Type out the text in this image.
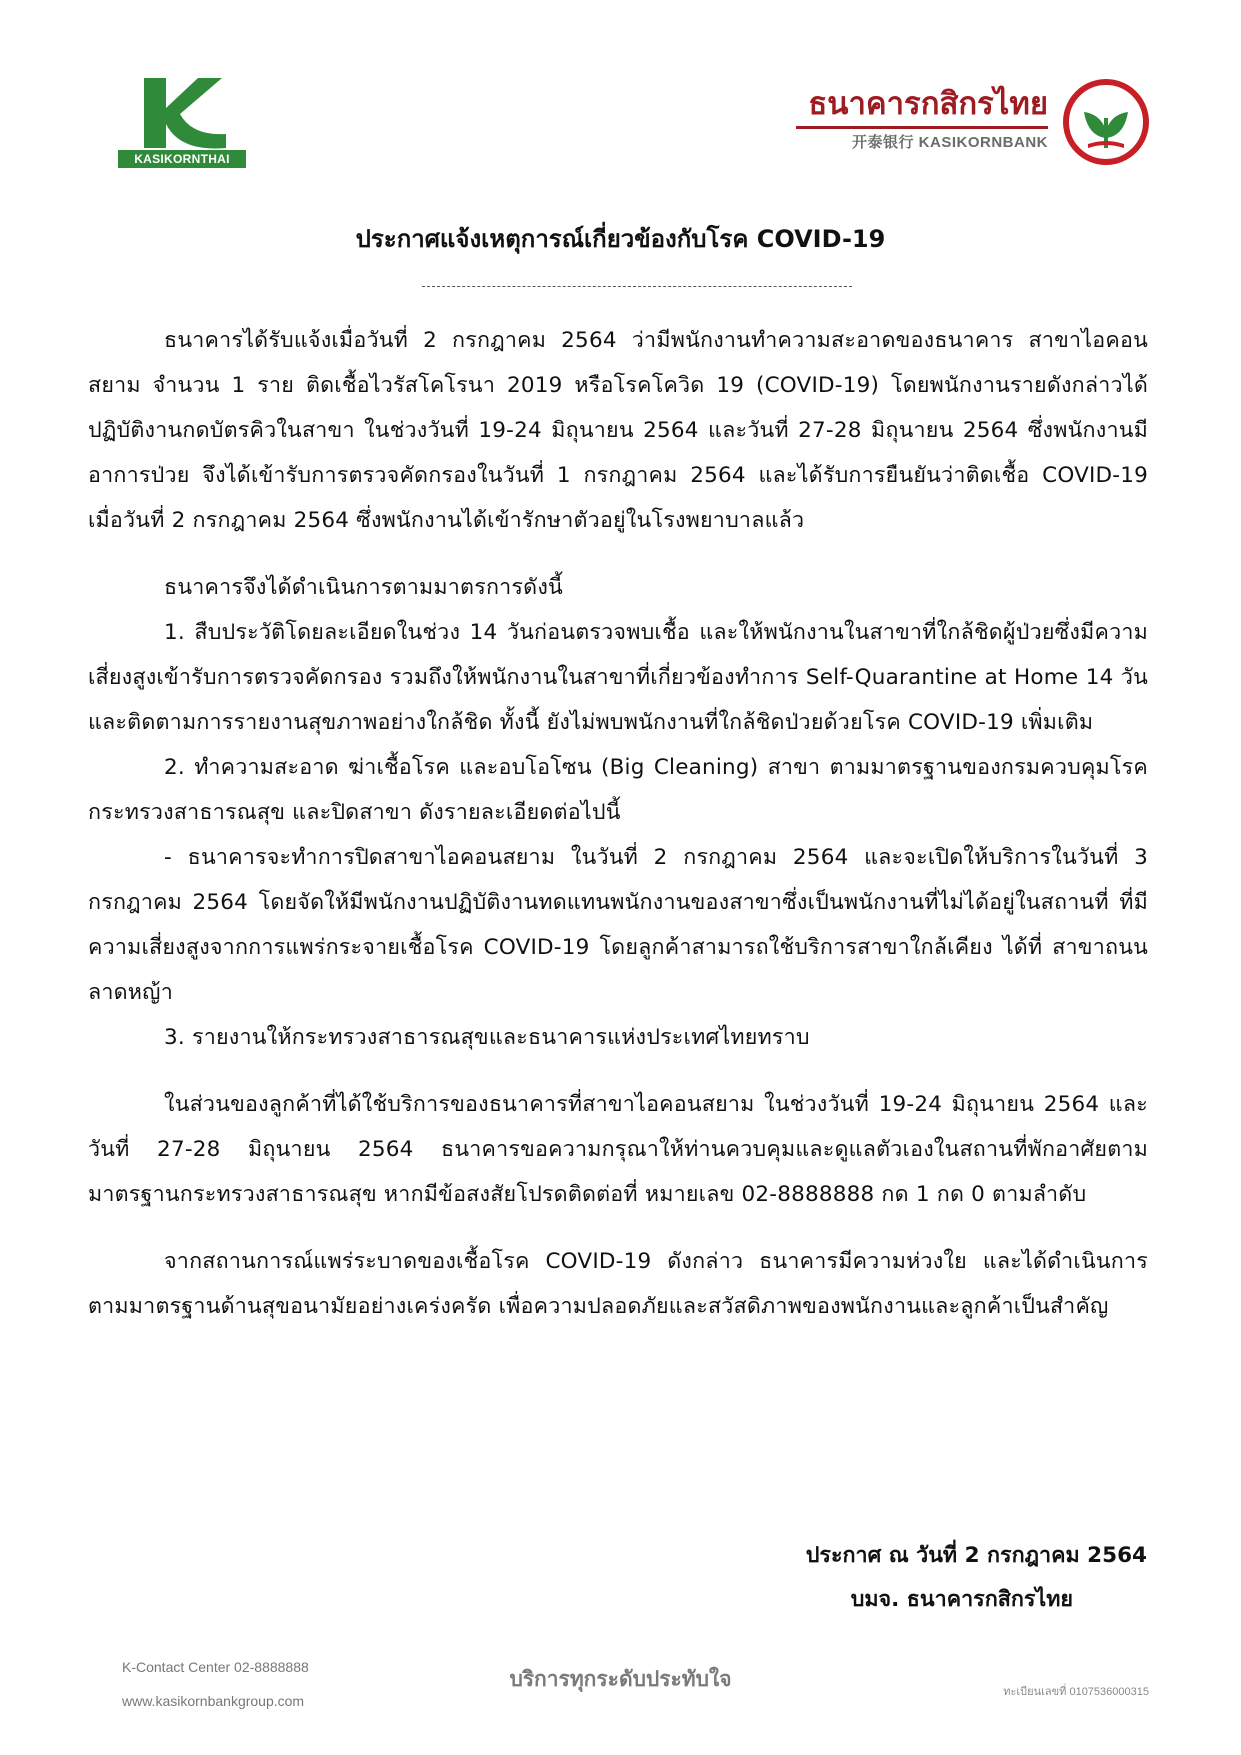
KASIKORNTHAI
ธนาคารกสิกรไทย
开泰银行 KASIKORNBANK
ประกาศแจ้งเหตุการณ์เกี่ยวข้องกับโรค COVID-19

ธนาคารได้รับแจ้งเมื่อวันที่ 2 กรกฎาคม 2564 ว่ามีพนักงานทำความสะอาดของธนาคาร สาขาไอคอนสยาม จำนวน 1 ราย ติดเชื้อไวรัสโคโรนา 2019 หรือโรคโควิด 19 (COVID-19) โดยพนักงานรายดังกล่าวได้ปฏิบัติงานกดบัตรคิวในสาขา ในช่วงวันที่ 19-24 มิถุนายน 2564 และวันที่ 27-28 มิถุนายน 2564 ซึ่งพนักงานมีอาการป่วย จึงได้เข้ารับการตรวจคัดกรองในวันที่ 1 กรกฎาคม 2564 และได้รับการยืนยันว่าติดเชื้อ COVID-19 เมื่อวันที่ 2 กรกฎาคม 2564 ซึ่งพนักงานได้เข้ารักษาตัวอยู่ในโรงพยาบาลแล้ว

ธนาคารจึงได้ดำเนินการตามมาตรการดังนี้

1. สืบประวัติโดยละเอียดในช่วง 14 วันก่อนตรวจพบเชื้อ และให้พนักงานในสาขาที่ใกล้ชิดผู้ป่วยซึ่งมีความเสี่ยงสูงเข้ารับการตรวจคัดกรอง รวมถึงให้พนักงานในสาขาที่เกี่ยวข้องทำการ Self-Quarantine at Home 14 วัน และติดตามการรายงานสุขภาพอย่างใกล้ชิด ทั้งนี้ ยังไม่พบพนักงานที่ใกล้ชิดป่วยด้วยโรค COVID-19 เพิ่มเติม

2. ทำความสะอาด ฆ่าเชื้อโรค และอบโอโซน (Big Cleaning) สาขา ตามมาตรฐานของกรมควบคุมโรค กระทรวงสาธารณสุข และปิดสาขา ดังรายละเอียดต่อไปนี้

- ธนาคารจะทำการปิดสาขาไอคอนสยาม ในวันที่ 2 กรกฎาคม 2564 และจะเปิดให้บริการในวันที่ 3 กรกฎาคม 2564 โดยจัดให้มีพนักงานปฏิบัติงานทดแทนพนักงานของสาขาซึ่งเป็นพนักงานที่ไม่ได้อยู่ในสถานที่ ที่มีความเสี่ยงสูงจากการแพร่กระจายเชื้อโรค COVID-19 โดยลูกค้าสามารถใช้บริการสาขาใกล้เคียง ได้ที่ สาขาถนนลาดหญ้า

3. รายงานให้กระทรวงสาธารณสุขและธนาคารแห่งประเทศไทยทราบ

ในส่วนของลูกค้าที่ได้ใช้บริการของธนาคารที่สาขาไอคอนสยาม ในช่วงวันที่ 19-24 มิถุนายน 2564 และวันที่ 27-28 มิถุนายน 2564 ธนาคารขอความกรุณาให้ท่านควบคุมและดูแลตัวเองในสถานที่พักอาศัยตามมาตรฐานกระทรวงสาธารณสุข หากมีข้อสงสัยโปรดติดต่อที่ หมายเลข 02-8888888 กด 1 กด 0 ตามลำดับ

จากสถานการณ์แพร่ระบาดของเชื้อโรค COVID-19 ดังกล่าว ธนาคารมีความห่วงใย และได้ดำเนินการตามมาตรฐานด้านสุขอนามัยอย่างเคร่งครัด เพื่อความปลอดภัยและสวัสดิภาพของพนักงานและลูกค้าเป็นสำคัญ

ประกาศ ณ วันที่ 2 กรกฎาคม 2564
บมจ. ธนาคารกสิกรไทย
K-Contact Center 02-8888888
www.kasikornbankgroup.com
บริการทุกระดับประทับใจ
ทะเบียนเลขที่ 0107536000315
